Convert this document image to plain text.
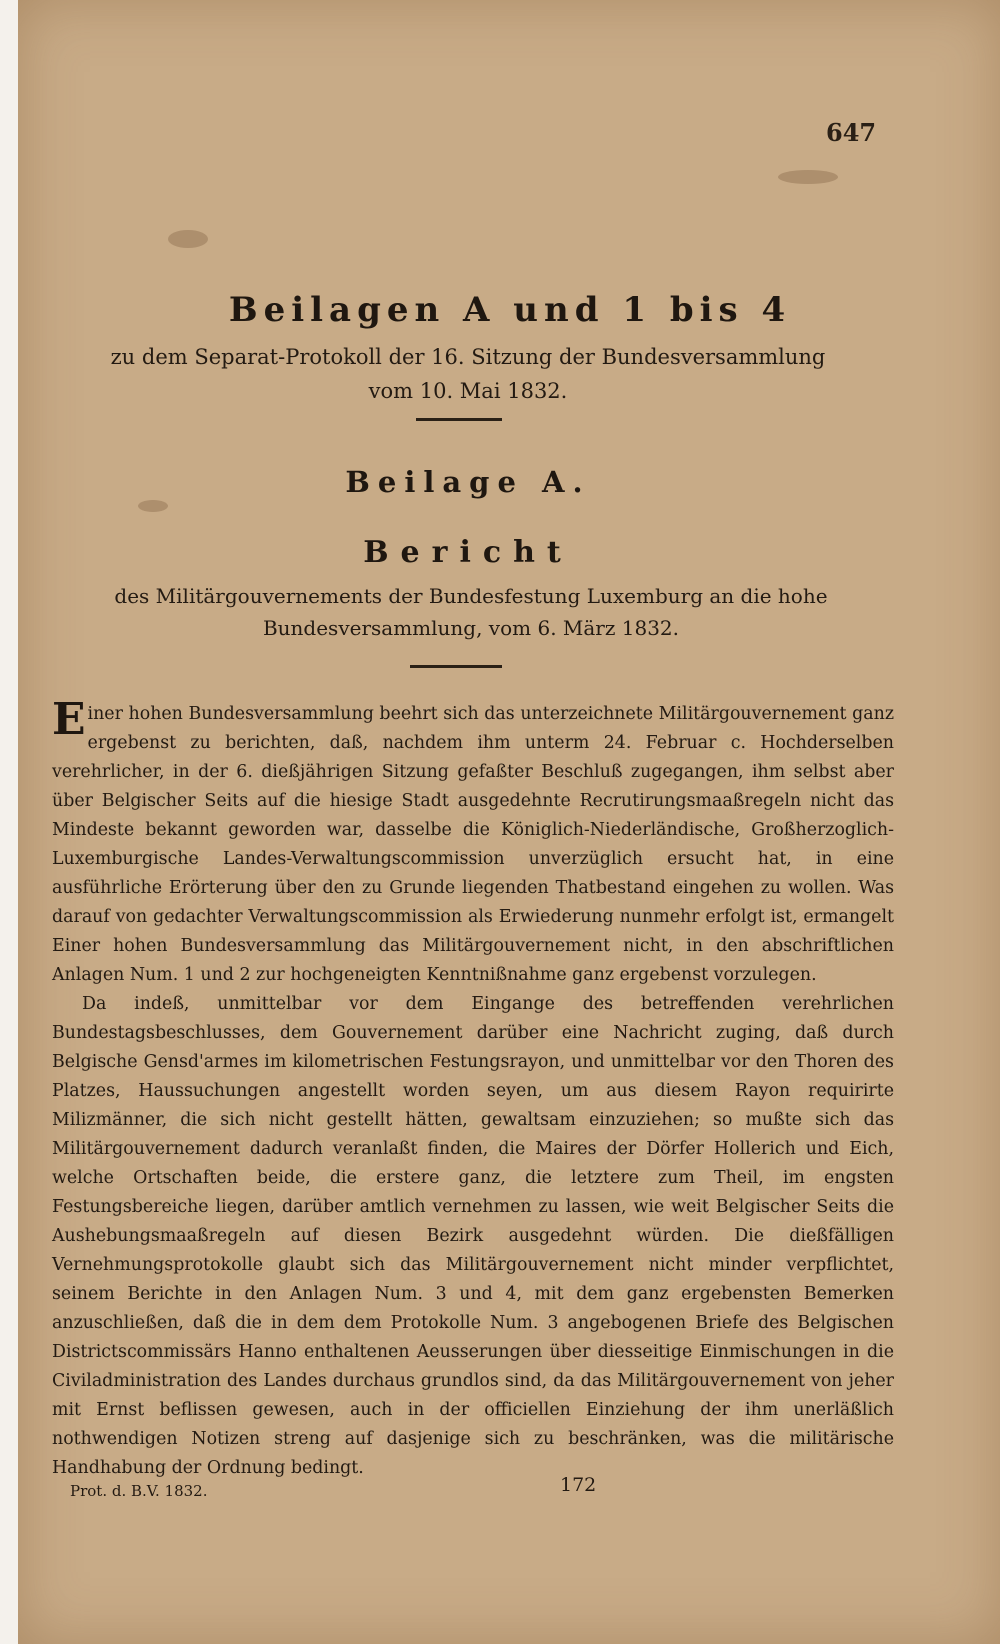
647
Beilagen A und 1 bis 4
zu dem Separat-Protokoll der 16. Sitzung der Bundesversammlung
vom 10. Mai 1832.
Beilage A.
Bericht
des Militärgouvernements der Bundesfestung Luxemburg an die hohe Bundesversammlung, vom 6. März 1832.

Einer hohen Bundesversammlung beehrt sich das unterzeichnete Militärgouvernement ganz ergebenst zu berichten, daß, nachdem ihm unterm 24. Februar c. Hochderselben verehrlicher, in der 6. dießjährigen Sitzung gefaßter Beschluß zugegangen, ihm selbst aber über Belgischer Seits auf die hiesige Stadt ausgedehnte Recrutirungsmaaßregeln nicht das Mindeste bekannt geworden war, dasselbe die Königlich-Niederländische, Großherzoglich-Luxemburgische Landes-Verwaltungscommission unverzüglich ersucht hat, in eine ausführliche Erörterung über den zu Grunde liegenden Thatbestand eingehen zu wollen. Was darauf von gedachter Verwaltungscommission als Erwiederung nunmehr erfolgt ist, ermangelt Einer hohen Bundesversammlung das Militärgouvernement nicht, in den abschriftlichen Anlagen Num. 1 und 2 zur hochgeneigten Kenntnißnahme ganz ergebenst vorzulegen.

Da indeß, unmittelbar vor dem Eingange des betreffenden verehrlichen Bundestagsbeschlusses, dem Gouvernement darüber eine Nachricht zuging, daß durch Belgische Gensd'armes im kilometrischen Festungsrayon, und unmittelbar vor den Thoren des Platzes, Haussuchungen angestellt worden seyen, um aus diesem Rayon requirirte Milizmänner, die sich nicht gestellt hätten, gewaltsam einzuziehen; so mußte sich das Militärgouvernement dadurch veranlaßt finden, die Maires der Dörfer Hollerich und Eich, welche Ortschaften beide, die erstere ganz, die letztere zum Theil, im engsten Festungsbereiche liegen, darüber amtlich vernehmen zu lassen, wie weit Belgischer Seits die Aushebungsmaaßregeln auf diesen Bezirk ausgedehnt würden. Die dießfälligen Vernehmungsprotokolle glaubt sich das Militärgouvernement nicht minder verpflichtet, seinem Berichte in den Anlagen Num. 3 und 4, mit dem ganz ergebensten Bemerken anzuschließen, daß die in dem dem Protokolle Num. 3 angebogenen Briefe des Belgischen Districtscommissärs Hanno enthaltenen Aeusserungen über diesseitige Einmischungen in die Civiladministration des Landes durchaus grundlos sind, da das Militärgouvernement von jeher mit Ernst beflissen gewesen, auch in der officiellen Einziehung der ihm unerläßlich nothwendigen Notizen streng auf dasjenige sich zu beschränken, was die militärische Handhabung der Ordnung bedingt.

Prot. d. B.V. 1832.	172
